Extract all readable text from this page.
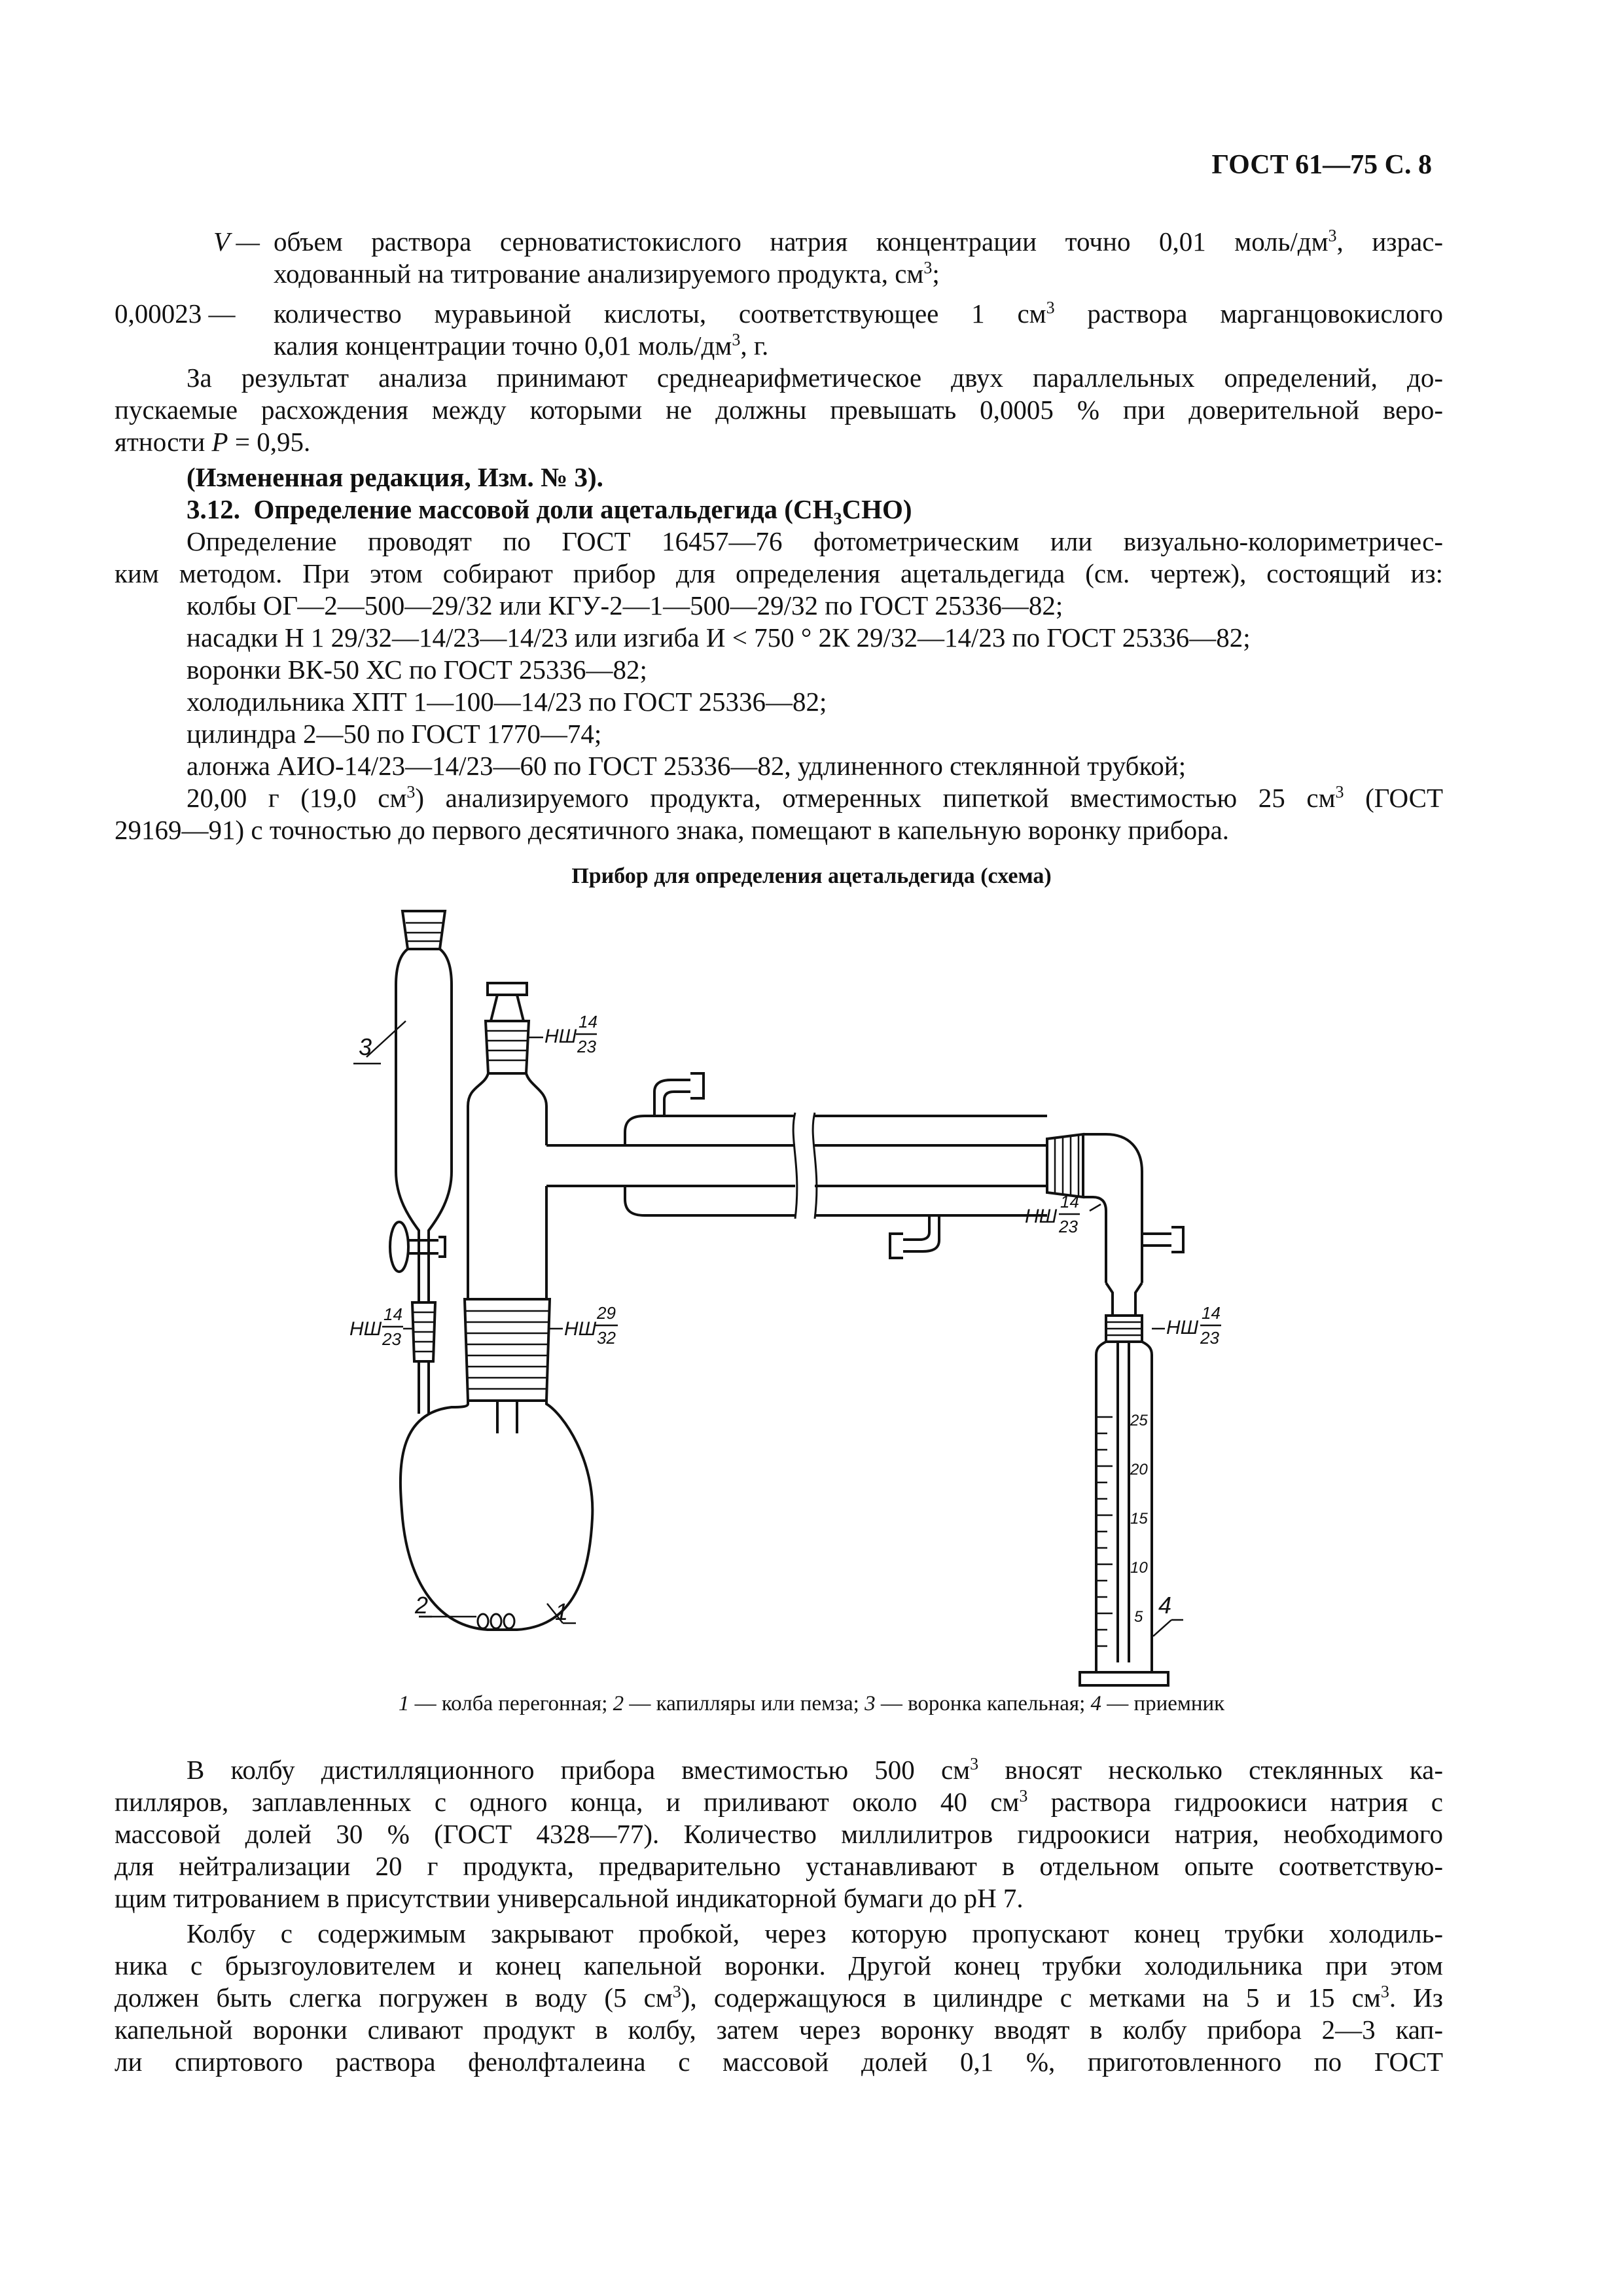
ГОСТ 61—75 С. 8
V — объем раствора серноватистокислого натрия концентрации точно 0,01 моль/$дм^3$, израс-
ходованный на титрование анализируемого продукта, $см^3$;
0,00023 — количество муравьиной кислоты, соответствующее 1 $см^3$ раствора марганцовокислого
калия концентрации точно 0,01 моль/$дм^3$, г.
За результат анализа принимают среднеарифметическое двух параллельных определений, до-
пускаемые расхождения между которыми не должны превышать 0,0005 % при доверительной веро-
ятности P = 0,95.
(Измененная редакция, Изм. № 3).
3.12. Определение массовой доли ацетальдегида $(CH_3CHO)$
Определение проводят по ГОСТ 16457—76 фотометрическим или визуально-колориметричес-
ким методом. При этом собирают прибор для определения ацетальдегида (см. чертеж), состоящий из:
колбы ОГ—2—500—29/32 или КГУ-2—1—500—29/32 по ГОСТ 25336—82;
насадки Н 1 29/32—14/23—14/23 или изгиба И < 750 ° 2К 29/32—14/23 по ГОСТ 25336—82;
воронки ВК-50 ХС по ГОСТ 25336—82;
холодильника ХПТ 1—100—14/23 по ГОСТ 25336—82;
цилиндра 2—50 по ГОСТ 1770—74;
алонжа АИО-14/23—14/23—60 по ГОСТ 25336—82, удлиненного стеклянной трубкой;
20,00 г (19,0 $см^3$) анализируемого продукта, отмеренных пипеткой вместимостью 25 $см^3$ (ГОСТ
29169—91) с точностью до первого десятичного знака, помещают в капельную воронку прибора.
Прибор для определения ацетальдегида (схема)
3
1
2	4
НШ
14
23
НШ
29
32
НШ
14
23
НШ
14
23
НШ
14
23
25
20
15
10
5
1 — колба перегонная; 2 — капилляры или пемза; 3 — воронка капельная; 4 — приемник
В колбу дистилляционного прибора вместимостью 500 $см^3$ вносят несколько стеклянных ка-
пилляров, заплавленных с одного конца, и приливают около 40 $см^3$ раствора гидроокиси натрия с
массовой долей 30 % (ГОСТ 4328—77). Количество миллилитров гидроокиси натрия, необходимого
для нейтрализации 20 г продукта, предварительно устанавливают в отдельном опыте соответствую-
щим титрованием в присутствии универсальной индикаторной бумаги до pH 7.
Колбу с содержимым закрывают пробкой, через которую пропускают конец трубки холодиль-
ника с брызгоуловителем и конец капельной воронки. Другой конец трубки холодильника при этом
должен быть слегка погружен в воду (5 $см^3$), содержащуюся в цилиндре с метками на 5 и 15 $см^3$. Из
капельной воронки сливают продукт в колбу, затем через воронку вводят в колбу прибора 2—3 кап-
ли спиртового раствора фенолфталеина с массовой долей 0,1 %, приготовленного по ГОСТ
